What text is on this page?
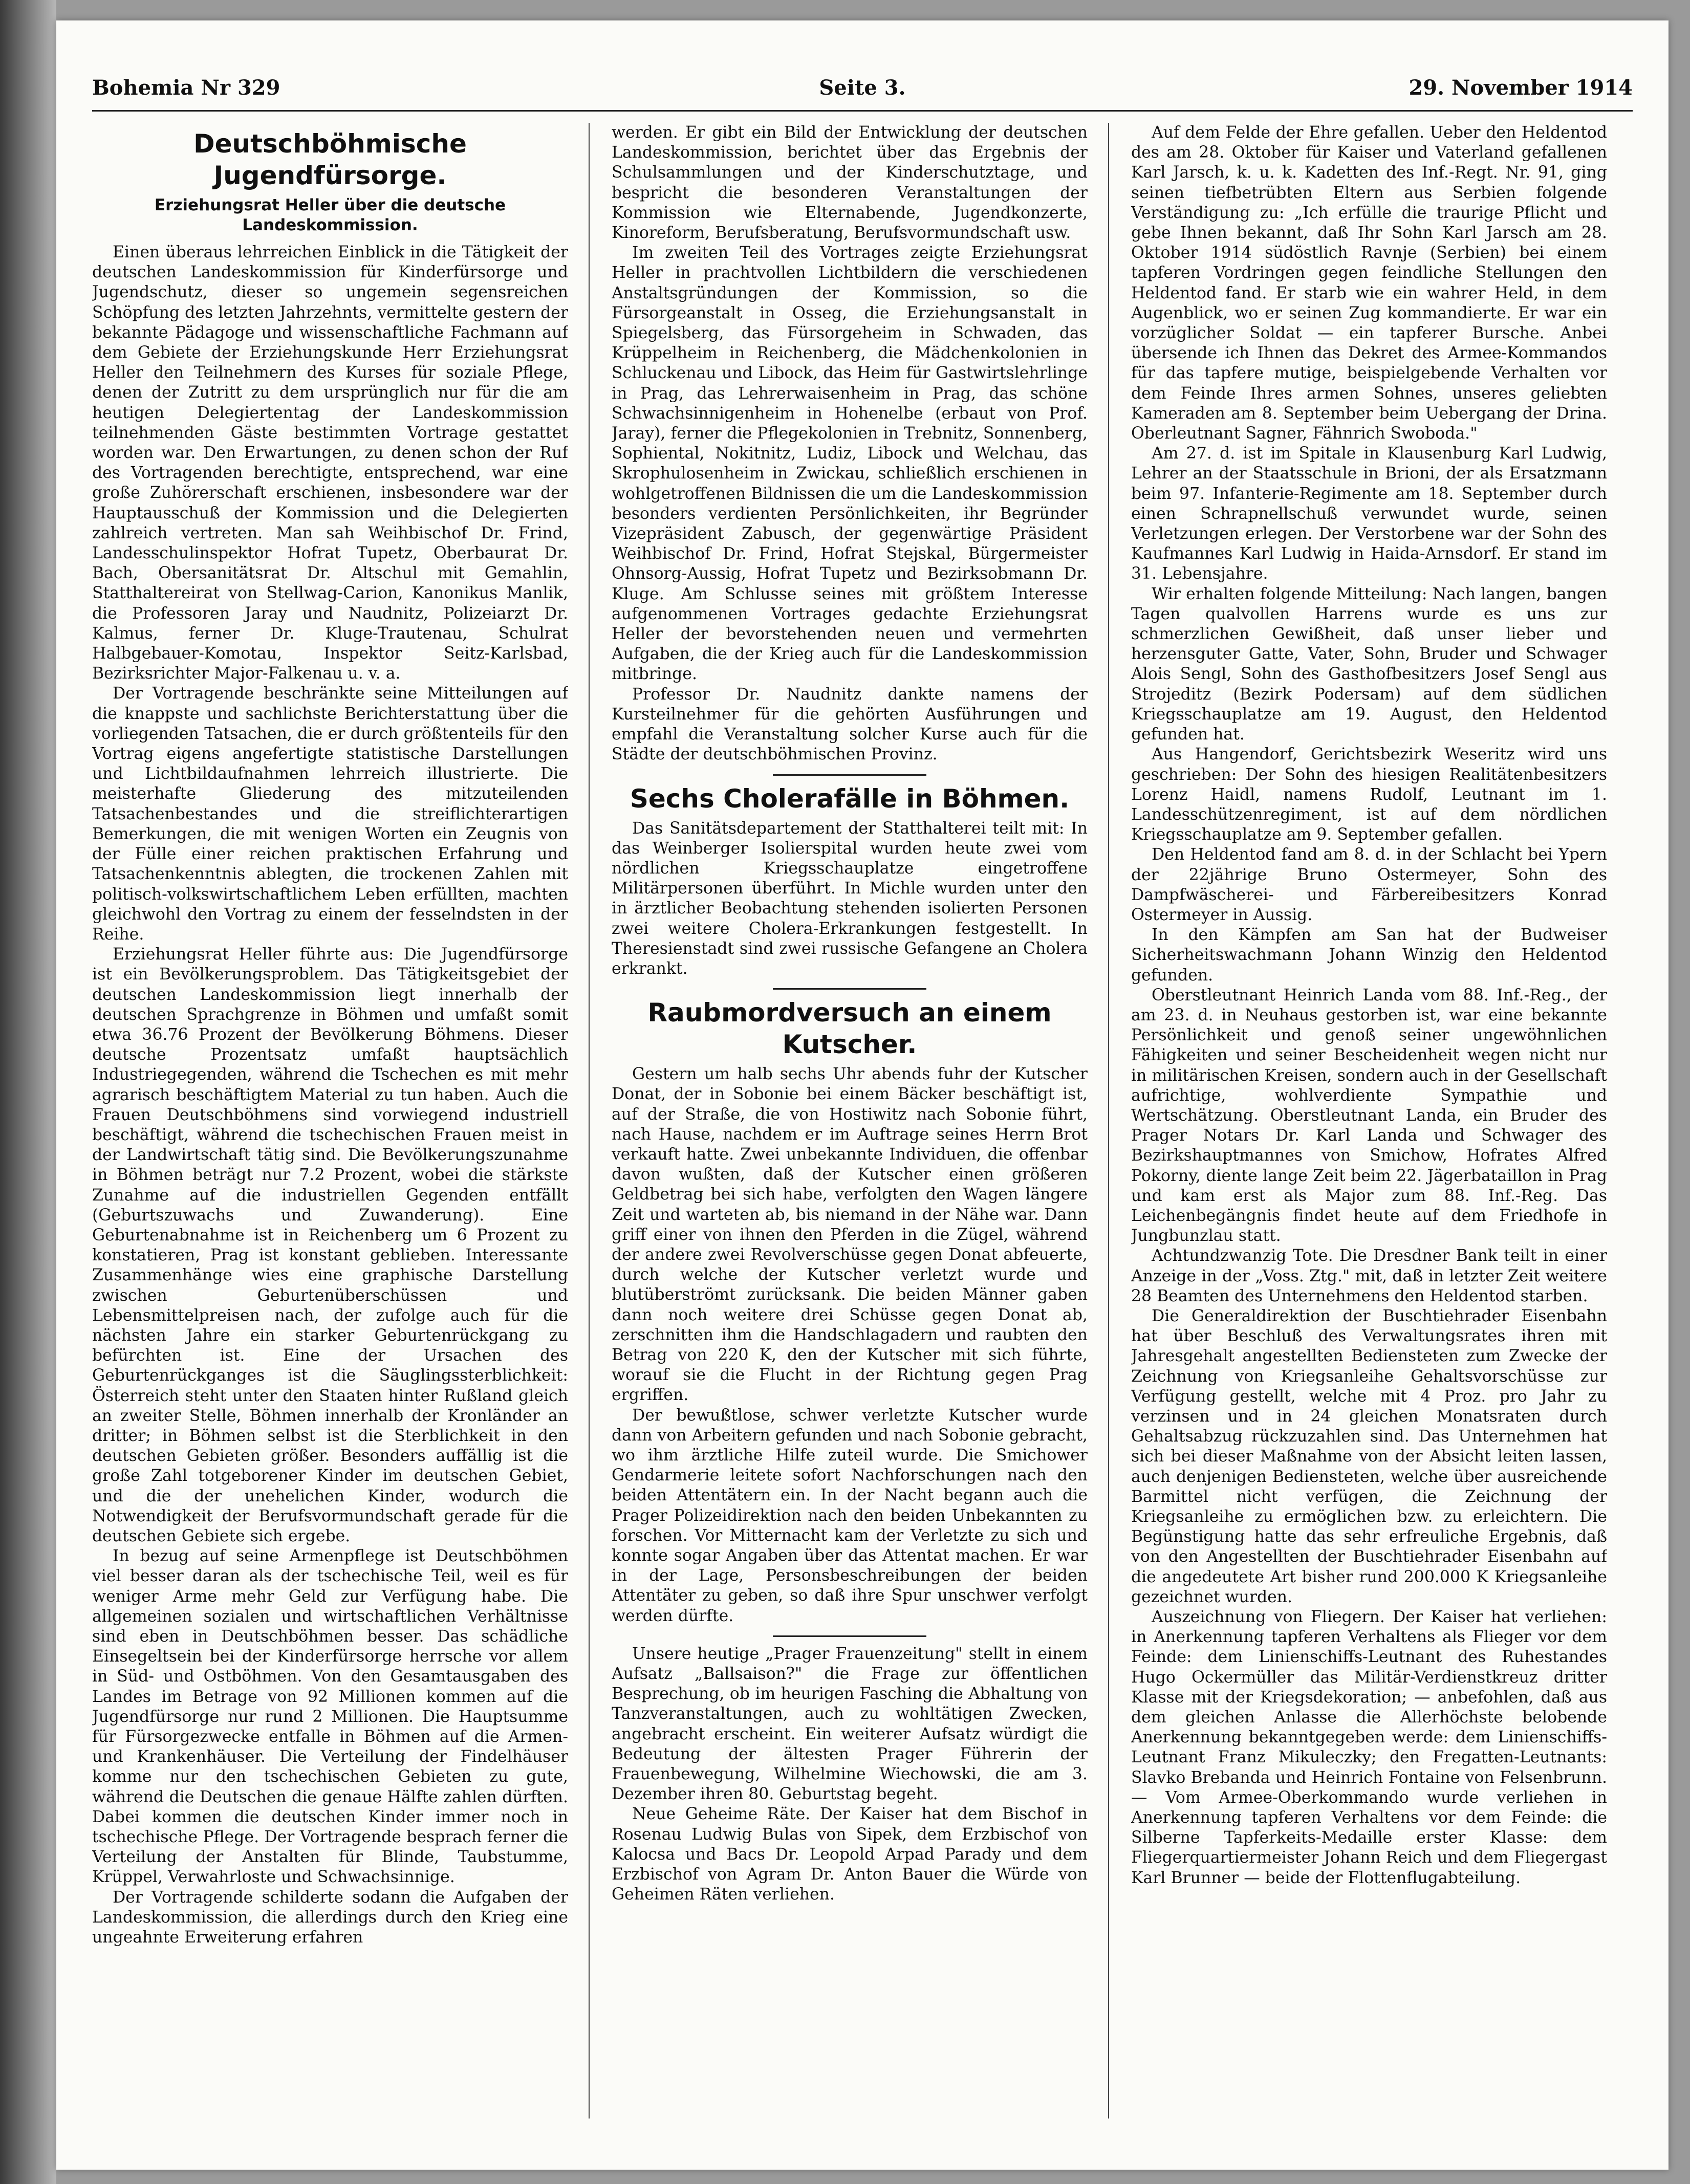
Bohemia Nr 329	Seite 3.	29. November 1914
Deutschböhmische Jugendfürsorge.
Erziehungsrat Heller über die deutsche Landeskommission.

Einen überaus lehrreichen Einblick in die Tätigkeit der deutschen Landeskommission für Kinderfürsorge und Jugendschutz, dieser so ungemein segensreichen Schöpfung des letzten Jahrzehnts, vermittelte gestern der bekannte Pädagoge und wissenschaftliche Fachmann auf dem Gebiete der Erziehungskunde Herr Erziehungsrat Heller den Teilnehmern des Kurses für soziale Pflege, denen der Zutritt zu dem ursprünglich nur für die am heutigen Delegiertentag der Landeskommission teilnehmenden Gäste bestimmten Vortrage gestattet worden war. Den Erwartungen, zu denen schon der Ruf des Vortragenden berechtigte, entsprechend, war eine große Zuhörerschaft erschienen, insbesondere war der Hauptausschuß der Kommission und die Delegierten zahlreich vertreten. Man sah Weihbischof Dr. Frind, Landesschulinspektor Hofrat Tupetz, Oberbaurat Dr. Bach, Obersanitätsrat Dr. Altschul mit Gemahlin, Statthaltereirat von Stellwag-Carion, Kanonikus Manlik, die Professoren Jaray und Naudnitz, Polizeiarzt Dr. Kalmus, ferner Dr. Kluge-Trautenau, Schulrat Halbgebauer-Komotau, Inspektor Seitz-Karlsbad, Bezirksrichter Major-Falkenau u. v. a.

Der Vortragende beschränkte seine Mitteilungen auf die knappste und sachlichste Berichterstattung über die vorliegenden Tatsachen, die er durch größtenteils für den Vortrag eigens angefertigte statistische Darstellungen und Lichtbildaufnahmen lehrreich illustrierte. Die meisterhafte Gliederung des mitzuteilenden Tatsachenbestandes und die streiflichterartigen Bemerkungen, die mit wenigen Worten ein Zeugnis von der Fülle einer reichen praktischen Erfahrung und Tatsachenkenntnis ablegten, die trockenen Zahlen mit politisch-volkswirtschaftlichem Leben erfüllten, machten gleichwohl den Vortrag zu einem der fesselndsten in der Reihe.

Erziehungsrat Heller führte aus: Die Jugendfürsorge ist ein Bevölkerungsproblem. Das Tätigkeitsgebiet der deutschen Landeskommission liegt innerhalb der deutschen Sprachgrenze in Böhmen und umfaßt somit etwa 36.76 Prozent der Bevölkerung Böhmens. Dieser deutsche Prozentsatz umfaßt hauptsächlich Industriegegenden, während die Tschechen es mit mehr agrarisch beschäftigtem Material zu tun haben. Auch die Frauen Deutschböhmens sind vorwiegend industriell beschäftigt, während die tschechischen Frauen meist in der Landwirtschaft tätig sind. Die Bevölkerungszunahme in Böhmen beträgt nur 7.2 Prozent, wobei die stärkste Zunahme auf die industriellen Gegenden entfällt (Geburtszuwachs und Zuwanderung). Eine Geburtenabnahme ist in Reichenberg um 6 Prozent zu konstatieren, Prag ist konstant geblieben. Interessante Zusammenhänge wies eine graphische Darstellung zwischen Geburtenüberschüssen und Lebensmittelpreisen nach, der zufolge auch für die nächsten Jahre ein starker Geburtenrückgang zu befürchten ist. Eine der Ursachen des Geburtenrückganges ist die Säuglingssterblichkeit: Österreich steht unter den Staaten hinter Rußland gleich an zweiter Stelle, Böhmen innerhalb der Kronländer an dritter; in Böhmen selbst ist die Sterblichkeit in den deutschen Gebieten größer. Besonders auffällig ist die große Zahl totgeborener Kinder im deutschen Gebiet, und die der unehelichen Kinder, wodurch die Notwendigkeit der Berufsvormundschaft gerade für die deutschen Gebiete sich ergebe.

In bezug auf seine Armenpflege ist Deutschböhmen viel besser daran als der tschechische Teil, weil es für weniger Arme mehr Geld zur Verfügung habe. Die allgemeinen sozialen und wirtschaftlichen Verhältnisse sind eben in Deutschböhmen besser. Das schädliche Einsegeltsein bei der Kinderfürsorge herrsche vor allem in Süd- und Ostböhmen. Von den Gesamtausgaben des Landes im Betrage von 92 Millionen kommen auf die Jugendfürsorge nur rund 2 Millionen. Die Hauptsumme für Fürsorgezwecke entfalle in Böhmen auf die Armen- und Krankenhäuser. Die Verteilung der Findelhäuser komme nur den tschechischen Gebieten zu gute, während die Deutschen die genaue Hälfte zahlen dürften. Dabei kommen die deutschen Kinder immer noch in tschechische Pflege. Der Vortragende besprach ferner die Verteilung der Anstalten für Blinde, Taubstumme, Krüppel, Verwahrloste und Schwachsinnige.

Der Vortragende schilderte sodann die Aufgaben der Landeskommission, die allerdings durch den Krieg eine ungeahnte Erweiterung erfahren

werden. Er gibt ein Bild der Entwicklung der deutschen Landeskommission, berichtet über das Ergebnis der Schulsammlungen und der Kinderschutztage, und bespricht die besonderen Veranstaltungen der Kommission wie Elternabende, Jugendkonzerte, Kinoreform, Berufsberatung, Berufsvormundschaft usw.

Im zweiten Teil des Vortrages zeigte Erziehungsrat Heller in prachtvollen Lichtbildern die verschiedenen Anstaltsgründungen der Kommission, so die Fürsorgeanstalt in Osseg, die Erziehungsanstalt in Spiegelsberg, das Fürsorgeheim in Schwaden, das Krüppelheim in Reichenberg, die Mädchenkolonien in Schluckenau und Libock, das Heim für Gastwirtslehrlinge in Prag, das Lehrerwaisenheim in Prag, das schöne Schwachsinnigenheim in Hohenelbe (erbaut von Prof. Jaray), ferner die Pflegekolonien in Trebnitz, Sonnenberg, Sophiental, Nokitnitz, Ludiz, Libock und Welchau, das Skrophulosenheim in Zwickau, schließlich erschienen in wohlgetroffenen Bildnissen die um die Landeskommission besonders verdienten Persönlichkeiten, ihr Begründer Vizepräsident Zabusch, der gegenwärtige Präsident Weihbischof Dr. Frind, Hofrat Stejskal, Bürgermeister Ohnsorg-Aussig, Hofrat Tupetz und Bezirksobmann Dr. Kluge. Am Schlusse seines mit größtem Interesse aufgenommenen Vortrages gedachte Erziehungsrat Heller der bevorstehenden neuen und vermehrten Aufgaben, die der Krieg auch für die Landeskommission mitbringe.

Professor Dr. Naudnitz dankte namens der Kursteilnehmer für die gehörten Ausführungen und empfahl die Veranstaltung solcher Kurse auch für die Städte der deutschböhmischen Provinz.

Sechs Cholerafälle in Böhmen.

Das Sanitätsdepartement der Statthalterei teilt mit: In das Weinberger Isolierspital wurden heute zwei vom nördlichen Kriegsschauplatze eingetroffene Militärpersonen überführt. In Michle wurden unter den in ärztlicher Beobachtung stehenden isolierten Personen zwei weitere Cholera-Erkrankungen festgestellt. In Theresienstadt sind zwei russische Gefangene an Cholera erkrankt.

Raubmordversuch an einem Kutscher.

Gestern um halb sechs Uhr abends fuhr der Kutscher Donat, der in Sobonie bei einem Bäcker beschäftigt ist, auf der Straße, die von Hostiwitz nach Sobonie führt, nach Hause, nachdem er im Auftrage seines Herrn Brot verkauft hatte. Zwei unbekannte Individuen, die offenbar davon wußten, daß der Kutscher einen größeren Geldbetrag bei sich habe, verfolgten den Wagen längere Zeit und warteten ab, bis niemand in der Nähe war. Dann griff einer von ihnen den Pferden in die Zügel, während der andere zwei Revolverschüsse gegen Donat abfeuerte, durch welche der Kutscher verletzt wurde und blutüberströmt zurücksank. Die beiden Männer gaben dann noch weitere drei Schüsse gegen Donat ab, zerschnitten ihm die Handschlagadern und raubten den Betrag von 220 K, den der Kutscher mit sich führte, worauf sie die Flucht in der Richtung gegen Prag ergriffen.

Der bewußtlose, schwer verletzte Kutscher wurde dann von Arbeitern gefunden und nach Sobonie gebracht, wo ihm ärztliche Hilfe zuteil wurde. Die Smichower Gendarmerie leitete sofort Nachforschungen nach den beiden Attentätern ein. In der Nacht begann auch die Prager Polizeidirektion nach den beiden Unbekannten zu forschen. Vor Mitternacht kam der Verletzte zu sich und konnte sogar Angaben über das Attentat machen. Er war in der Lage, Personsbeschreibungen der beiden Attentäter zu geben, so daß ihre Spur unschwer verfolgt werden dürfte.

Unsere heutige „Prager Frauenzeitung" stellt in einem Aufsatz „Ballsaison?" die Frage zur öffentlichen Besprechung, ob im heurigen Fasching die Abhaltung von Tanzveranstaltungen, auch zu wohltätigen Zwecken, angebracht erscheint. Ein weiterer Aufsatz würdigt die Bedeutung der ältesten Prager Führerin der Frauenbewegung, Wilhelmine Wiechowski, die am 3. Dezember ihren 80. Geburtstag begeht.

Neue Geheime Räte. Der Kaiser hat dem Bischof in Rosenau Ludwig Bulas von Sipek, dem Erzbischof von Kalocsa und Bacs Dr. Leopold Arpad Parady und dem Erzbischof von Agram Dr. Anton Bauer die Würde von Geheimen Räten verliehen.

Auf dem Felde der Ehre gefallen. Ueber den Heldentod des am 28. Oktober für Kaiser und Vaterland gefallenen Karl Jarsch, k. u. k. Kadetten des Inf.-Regt. Nr. 91, ging seinen tiefbetrübten Eltern aus Serbien folgende Verständigung zu: „Ich erfülle die traurige Pflicht und gebe Ihnen bekannt, daß Ihr Sohn Karl Jarsch am 28. Oktober 1914 südöstlich Ravnje (Serbien) bei einem tapferen Vordringen gegen feindliche Stellungen den Heldentod fand. Er starb wie ein wahrer Held, in dem Augenblick, wo er seinen Zug kommandierte. Er war ein vorzüglicher Soldat — ein tapferer Bursche. Anbei übersende ich Ihnen das Dekret des Armee-Kommandos für das tapfere mutige, beispielgebende Verhalten vor dem Feinde Ihres armen Sohnes, unseres geliebten Kameraden am 8. September beim Uebergang der Drina. Oberleutnant Sagner, Fähnrich Swoboda."

Am 27. d. ist im Spitale in Klausenburg Karl Ludwig, Lehrer an der Staatsschule in Brioni, der als Ersatzmann beim 97. Infanterie-Regimente am 18. September durch einen Schrapnellschuß verwundet wurde, seinen Verletzungen erlegen. Der Verstorbene war der Sohn des Kaufmannes Karl Ludwig in Haida-Arnsdorf. Er stand im 31. Lebensjahre.

Wir erhalten folgende Mitteilung: Nach langen, bangen Tagen qualvollen Harrens wurde es uns zur schmerzlichen Gewißheit, daß unser lieber und herzensguter Gatte, Vater, Sohn, Bruder und Schwager Alois Sengl, Sohn des Gasthofbesitzers Josef Sengl aus Strojeditz (Bezirk Podersam) auf dem südlichen Kriegsschauplatze am 19. August, den Heldentod gefunden hat.

Aus Hangendorf, Gerichtsbezirk Weseritz wird uns geschrieben: Der Sohn des hiesigen Realitätenbesitzers Lorenz Haidl, namens Rudolf, Leutnant im 1. Landesschützenregiment, ist auf dem nördlichen Kriegsschauplatze am 9. September gefallen.

Den Heldentod fand am 8. d. in der Schlacht bei Ypern der 22jährige Bruno Ostermeyer, Sohn des Dampfwäscherei- und Färbereibesitzers Konrad Ostermeyer in Aussig.

In den Kämpfen am San hat der Budweiser Sicherheitswachmann Johann Winzig den Heldentod gefunden.

Oberstleutnant Heinrich Landa vom 88. Inf.-Reg., der am 23. d. in Neuhaus gestorben ist, war eine bekannte Persönlichkeit und genoß seiner ungewöhnlichen Fähigkeiten und seiner Bescheidenheit wegen nicht nur in militärischen Kreisen, sondern auch in der Gesellschaft aufrichtige, wohlverdiente Sympathie und Wertschätzung. Oberstleutnant Landa, ein Bruder des Prager Notars Dr. Karl Landa und Schwager des Bezirkshauptmannes von Smichow, Hofrates Alfred Pokorny, diente lange Zeit beim 22. Jägerbataillon in Prag und kam erst als Major zum 88. Inf.-Reg. Das Leichenbegängnis findet heute auf dem Friedhofe in Jungbunzlau statt.

Achtundzwanzig Tote. Die Dresdner Bank teilt in einer Anzeige in der „Voss. Ztg." mit, daß in letzter Zeit weitere 28 Beamten des Unternehmens den Heldentod starben.

Die Generaldirektion der Buschtiehrader Eisenbahn hat über Beschluß des Verwaltungsrates ihren mit Jahresgehalt angestellten Bediensteten zum Zwecke der Zeichnung von Kriegsanleihe Gehaltsvorschüsse zur Verfügung gestellt, welche mit 4 Proz. pro Jahr zu verzinsen und in 24 gleichen Monatsraten durch Gehaltsabzug rückzuzahlen sind. Das Unternehmen hat sich bei dieser Maßnahme von der Absicht leiten lassen, auch denjenigen Bediensteten, welche über ausreichende Barmittel nicht verfügen, die Zeichnung der Kriegsanleihe zu ermöglichen bzw. zu erleichtern. Die Begünstigung hatte das sehr erfreuliche Ergebnis, daß von den Angestellten der Buschtiehrader Eisenbahn auf die angedeutete Art bisher rund 200.000 K Kriegsanleihe gezeichnet wurden.

Auszeichnung von Fliegern. Der Kaiser hat verliehen: in Anerkennung tapferen Verhaltens als Flieger vor dem Feinde: dem Linienschiffs-Leutnant des Ruhestandes Hugo Ockermüller das Militär-Verdienstkreuz dritter Klasse mit der Kriegsdekoration; — anbefohlen, daß aus dem gleichen Anlasse die Allerhöchste belobende Anerkennung bekanntgegeben werde: dem Linienschiffs-Leutnant Franz Mikuleczky; den Fregatten-Leutnants: Slavko Brebanda und Heinrich Fontaine von Felsenbrunn. — Vom Armee-Oberkommando wurde verliehen in Anerkennung tapferen Verhaltens vor dem Feinde: die Silberne Tapferkeits-Medaille erster Klasse: dem Fliegerquartiermeister Johann Reich und dem Fliegergast Karl Brunner — beide der Flottenflugabteilung.
